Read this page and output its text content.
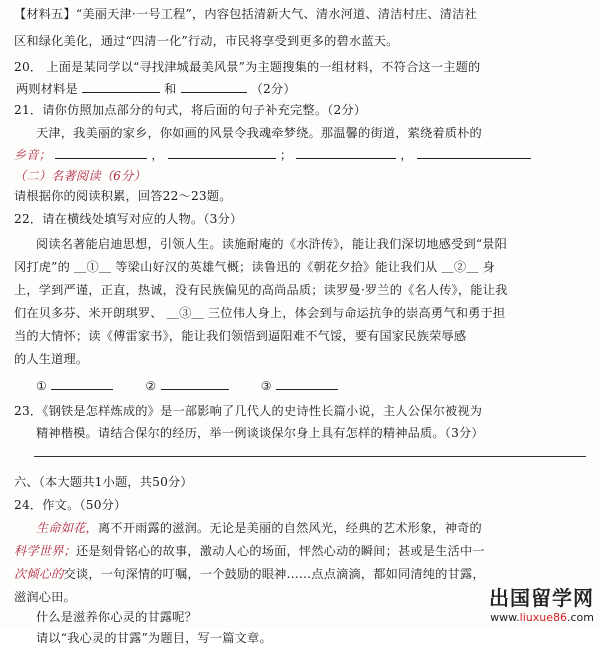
【材料五】“美丽天津·一号工程”，内容包括清新大气、清水河道、清洁村庄、清洁社
区和绿化美化，通过“四清一化”行动，市民将享受到更多的碧水蓝天。
20． 上面是某同学以“寻找津城最美风景”为主题搜集的一组材料，不符合这一主题的
两则材料是	和	（2分）
21．请你仿照加点部分的句式，将后面的句子补充完整。（2分）
天津，我美丽的家乡，你如画的风景令我魂牵梦绕。那温馨的街道，萦绕着质朴的
乡音；	，	；	，
（二）名著阅读（6分）
请根据你的阅读积累，回答22～23题。
22．请在横线处填写对应的人物。（3分）
阅读名著能启迪思想，引领人生。读施耐庵的《水浒传》，能让我们深切地感受到“景阳
冈打虎”的 ＿①＿ 等梁山好汉的英雄气概；读鲁迅的《朝花夕拾》能让我们从 ＿②＿ 身
上，学到严谨，正直，热诚，没有民族偏见的高尚品质；读罗曼·罗兰的《名人传》，能让我
们在贝多芬、米开朗琪罗、 ＿③＿ 三位伟人身上，体会到与命运抗争的崇高勇气和勇于担
当的大情怀；读《傅雷家书》，能让我们领悟到逼阳难不气馁，要有国家民族荣辱感
的人生道理。
①	②	③
23．《钢铁是怎样炼成的》是一部影响了几代人的史诗性长篇小说，主人公保尔被视为
精神楷模。请结合保尔的经历，举一例谈谈保尔身上具有怎样的精神品质。（3分）
六、（本大题共1小题，共50分）
24．作文。（50分）
生命如花，离不开雨露的滋润。无论是美丽的自然风光，经典的艺术形象，神奇的
科学世界；还是刻骨铭心的故事，激动人心的场面，怦然心动的瞬间；甚或是生活中一
次倾心的交谈，一句深情的叮嘱，一个鼓励的眼神……点点滴滴，都如同清纯的甘露，
滋润心田。
什么是滋养你心灵的甘露呢？
请以“我心灵的甘露”为题目，写一篇文章。
出国留学网
www.liuxue86.com
